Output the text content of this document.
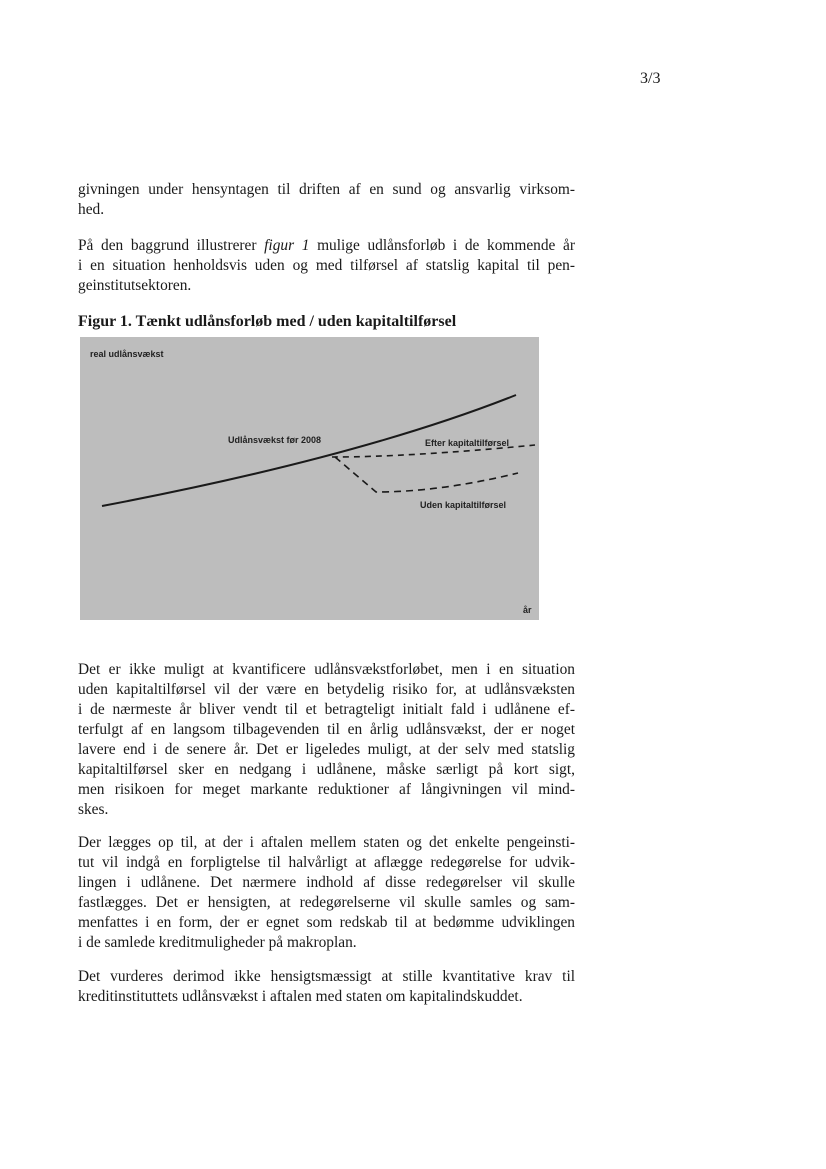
3/3
givningen under hensyntagen til driften af en sund og ansvarlig virksom-
hed.
På den baggrund illustrerer figur 1 mulige udlånsforløb i de kommende år
i en situation henholdsvis uden og med tilførsel af statslig kapital til pen-
geinstitutsektoren.
Figur 1. Tænkt udlånsforløb med / uden kapitaltilførsel
real udlånsvækst
Udlånsvækst før 2008	Efter kapitaltilførsel
Uden kapitaltilførsel
år
Det er ikke muligt at kvantificere udlånsvækstforløbet, men i en situation
uden kapitaltilførsel vil der være en betydelig risiko for, at udlånsvæksten
i de nærmeste år bliver vendt til et betragteligt initialt fald i udlånene ef-
terfulgt af en langsom tilbagevenden til en årlig udlånsvækst, der er noget
lavere end i de senere år. Det er ligeledes muligt, at der selv med statslig
kapitaltilførsel sker en nedgang i udlånene, måske særligt på kort sigt,
men risikoen for meget markante reduktioner af långivningen vil mind-
skes.
Der lægges op til, at der i aftalen mellem staten og det enkelte pengeinsti-
tut vil indgå en forpligtelse til halvårligt at aflægge redegørelse for udvik-
lingen i udlånene. Det nærmere indhold af disse redegørelser vil skulle
fastlægges. Det er hensigten, at redegørelserne vil skulle samles og sam-
menfattes i en form, der er egnet som redskab til at bedømme udviklingen
i de samlede kreditmuligheder på makroplan.
Det vurderes derimod ikke hensigtsmæssigt at stille kvantitative krav til
kreditinstituttets udlånsvækst i aftalen med staten om kapitalindskuddet.
